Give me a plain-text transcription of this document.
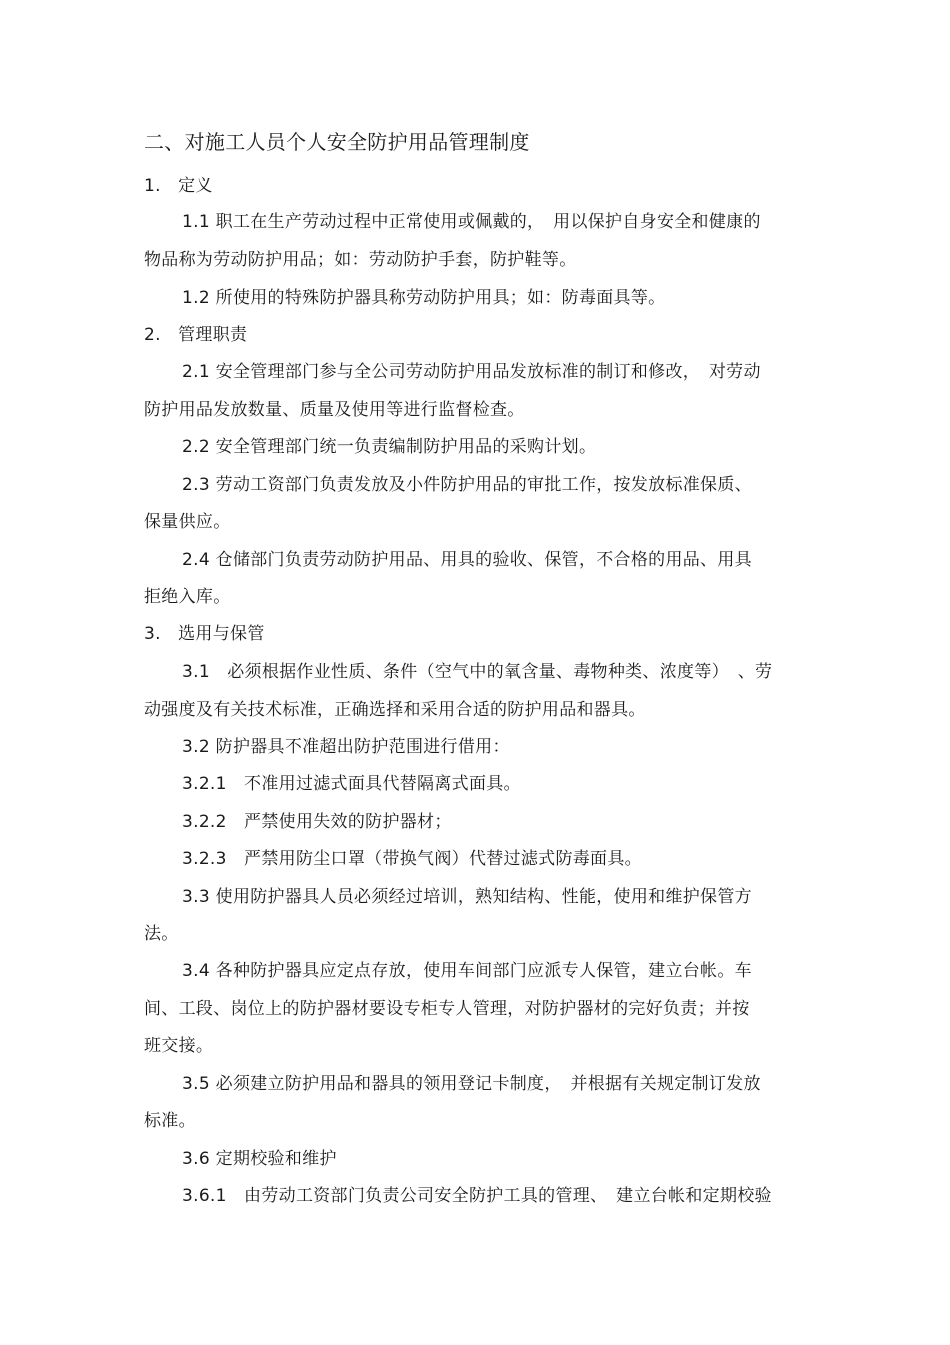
二、对施工人员个人安全防护用品管理制度
1.　定义
1.1 职工在生产劳动过程中正常使用或佩戴的，　用以保护自身安全和健康的
物品称为劳动防护用品；如：劳动防护手套，防护鞋等。
1.2 所使用的特殊防护器具称劳动防护用具；如：防毒面具等。
2.　管理职责
2.1 安全管理部门参与全公司劳动防护用品发放标准的制订和修改，　对劳动
防护用品发放数量、质量及使用等进行监督检查。
2.2 安全管理部门统一负责编制防护用品的采购计划。
2.3 劳动工资部门负责发放及小件防护用品的审批工作，按发放标准保质、
保量供应。
2.4 仓储部门负责劳动防护用品、用具的验收、保管，不合格的用品、用具
拒绝入库。
3.　选用与保管
3.1　必须根据作业性质、条件（空气中的氧含量、毒物种类、浓度等）　、劳
动强度及有关技术标准，正确选择和采用合适的防护用品和器具。
3.2 防护器具不准超出防护范围进行借用：
3.2.1　不准用过滤式面具代替隔离式面具。
3.2.2　严禁使用失效的防护器材；
3.2.3　严禁用防尘口罩（带换气阀）代替过滤式防毒面具。
3.3 使用防护器具人员必须经过培训，熟知结构、性能，使用和维护保管方
法。
3.4 各种防护器具应定点存放，使用车间部门应派专人保管，建立台帐。车
间、工段、岗位上的防护器材要设专柜专人管理，对防护器材的完好负责；并按
班交接。
3.5 必须建立防护用品和器具的领用登记卡制度，　并根据有关规定制订发放
标准。
3.6 定期校验和维护
3.6.1　由劳动工资部门负责公司安全防护工具的管理、　建立台帐和定期校验
